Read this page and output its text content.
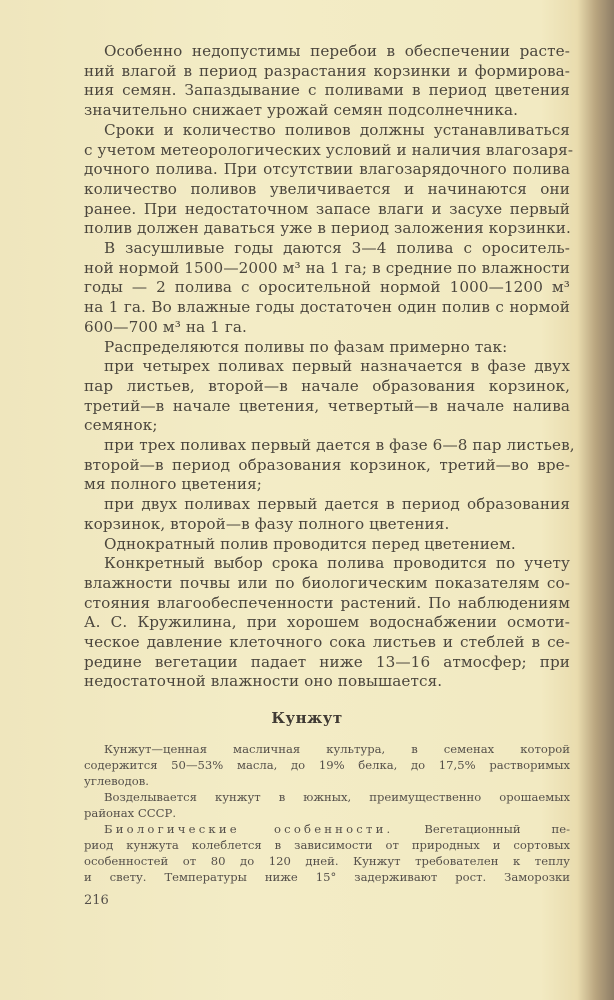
Особенно недопустимы перебои в обеспечении расте-
ний влагой в период разрастания корзинки и формирова-
ния семян. Запаздывание с поливами в период цветения
значительно снижает урожай семян подсолнечника.
Сроки и количество поливов должны устанавливаться
с учетом метеорологических условий и наличия влагозаря-
дочного полива. При отсутствии влагозарядочного полива
количество поливов увеличивается и начинаются они
ранее. При недостаточном запасе влаги и засухе первый
полив должен даваться уже в период заложения корзинки.
В засушливые годы даются 3—4 полива с ороситель-
ной нормой 1500—2000 м³ на 1 га; в средние по влажности
годы — 2 полива с оросительной нормой 1000—1200 м³
на 1 га. Во влажные годы достаточен один полив с нормой
600—700 м³ на 1 га.
Распределяются поливы по фазам примерно так:
при четырех поливах первый назначается в фазе двух
пар листьев, второй—в начале образования корзинок,
третий—в начале цветения, четвертый—в начале налива
семянок;
при трех поливах первый дается в фазе 6—8 пар листьев,
второй—в период образования корзинок, третий—во вре-
мя полного цветения;
при двух поливах первый дается в период образования
корзинок, второй—в фазу полного цветения.
Однократный полив проводится перед цветением.
Конкретный выбор срока полива проводится по учету
влажности почвы или по биологическим показателям со-
стояния влагообеспеченности растений. По наблюдениям
А. С. Кружилина, при хорошем водоснабжении осмоти-
ческое давление клеточного сока листьев и стеблей в се-
редине вегетации падает ниже 13—16 атмосфер; при
недостаточной влажности оно повышается.
Кунжут
Кунжут—ценная масличная культура, в семенах которой
содержится 50—53% масла, до 19% белка, до 17,5% растворимых
углеводов.
Возделывается кунжут в южных, преимущественно орошаемых
районах СССР.
Биологические особенности.	Вегетационный пе-
риод кунжута колеблется в зависимости от природных и сортовых
особенностей от 80 до 120 дней. Кунжут требователен к теплу
и свету. Температуры ниже 15° задерживают рост. Заморозки
216
